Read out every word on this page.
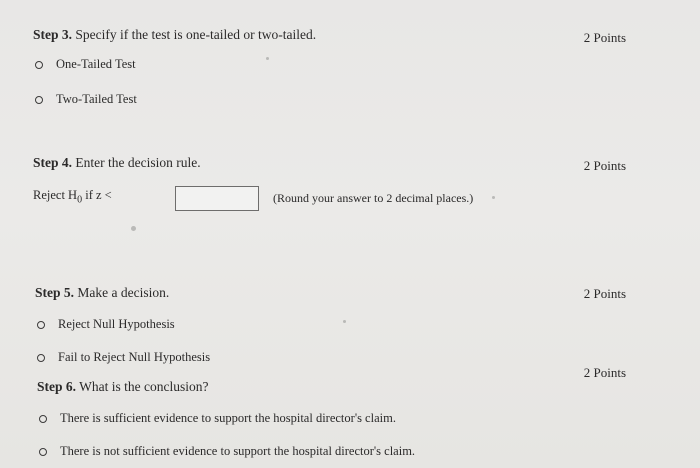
Step 3. Specify if the test is one-tailed or two-tailed.	2 Points
One-Tailed Test
Two-Tailed Test
Step 4. Enter the decision rule.	2 Points
Reject $H_0$ if z <	(Round your answer to 2 decimal places.)
Step 5. Make a decision.	2 Points
Reject Null Hypothesis
Fail to Reject Null Hypothesis
2 Points
Step 6. What is the conclusion?
There is sufficient evidence to support the hospital director's claim.
There is not sufficient evidence to support the hospital director's claim.
